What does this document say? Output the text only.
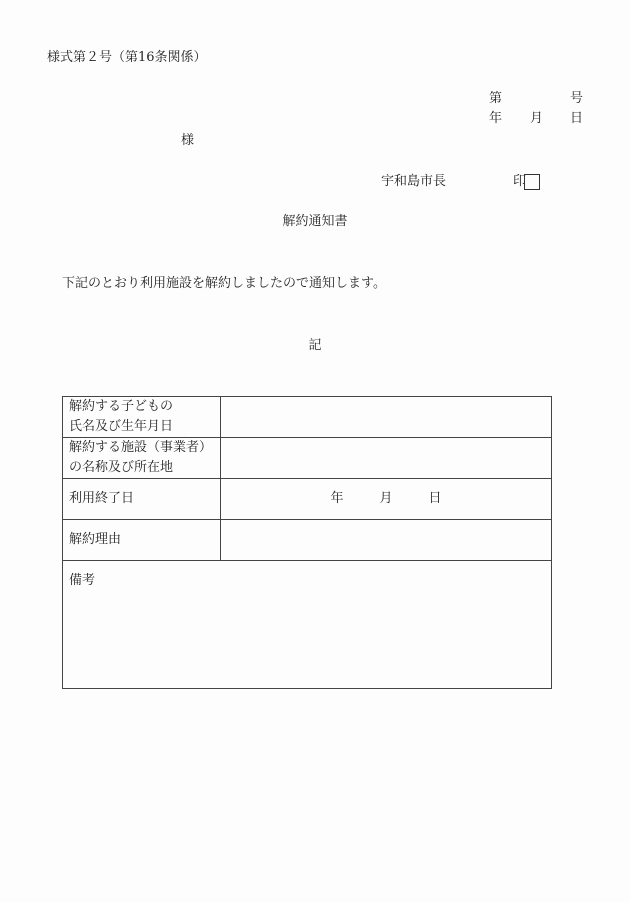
様式第２号（第16条関係）
第	号
年 月 日
様
宇和島市長	印
解約通知書
下記のとおり利用施設を解約しましたので通知します。
記
解約する子どもの
氏名及び生年月日	

解約する施設（事業者）
の名称及び所在地	

利用終了日	年 月 日
解約理由	
備考	
